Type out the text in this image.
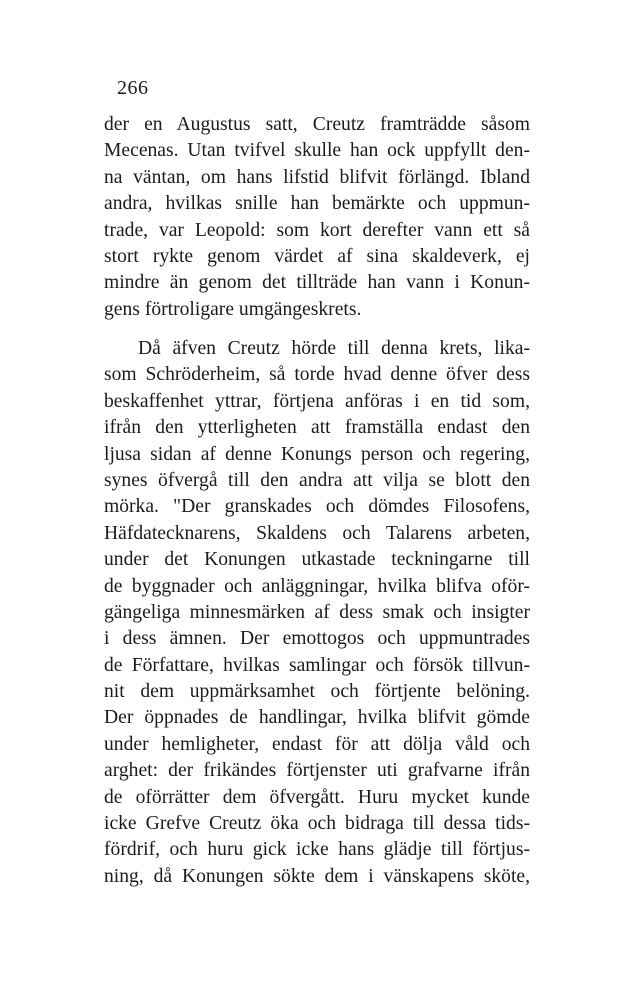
266
der en Augustus satt, Creutz framträdde såsom
Mecenas. Utan tvifvel skulle han ock uppfyllt den-
na väntan, om hans lifstid blifvit förlängd. Ibland
andra, hvilkas snille han bemärkte och uppmun-
trade, var Leopold: som kort derefter vann ett så
stort rykte genom värdet af sina skaldeverk, ej
mindre än genom det tillträde han vann i Konun-
gens förtroligare umgängeskrets.
Då äfven Creutz hörde till denna krets, lika-
som Schröderheim, så torde hvad denne öfver dess
beskaffenhet yttrar, förtjena anföras i en tid som,
ifrån den ytterligheten att framställa endast den
ljusa sidan af denne Konungs person och regering,
synes öfvergå till den andra att vilja se blott den
mörka. "Der granskades och dömdes Filosofens,
Häfdatecknarens, Skaldens och Talarens arbeten,
under det Konungen utkastade teckningarne till
de byggnader och anläggningar, hvilka blifva oför-
gängeliga minnesmärken af dess smak och insigter
i dess ämnen. Der emottogos och uppmuntrades
de Författare, hvilkas samlingar och försök tillvun-
nit dem uppmärksamhet och förtjente belöning.
Der öppnades de handlingar, hvilka blifvit gömde
under hemligheter, endast för att dölja våld och
arghet: der frikändes förtjenster uti grafvarne ifrån
de oförrätter dem öfvergått. Huru mycket kunde
icke Grefve Creutz öka och bidraga till dessa tids-
fördrif, och huru gick icke hans glädje till förtjus-
ning, då Konungen sökte dem i vänskapens sköte,
